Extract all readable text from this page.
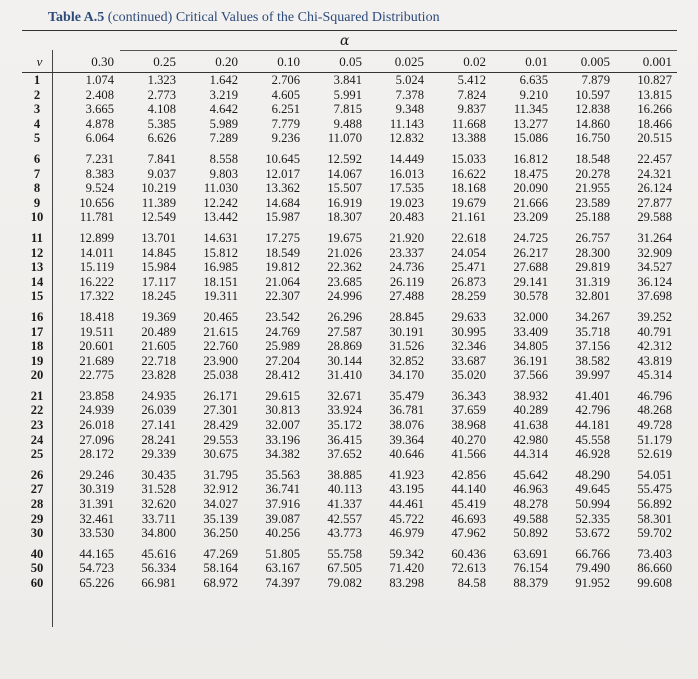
Table A.5 (continued) Critical Values of the Chi-Squared Distribution
α
v	0.30	0.25	0.20	0.10	0.05	0.025	0.02	0.01	0.005	0.001
1	1.074	1.323	1.642	2.706	3.841	5.024	5.412	6.635	7.879	10.827
2	2.408	2.773	3.219	4.605	5.991	7.378	7.824	9.210	10.597	13.815
3	3.665	4.108	4.642	6.251	7.815	9.348	9.837	11.345	12.838	16.266
4	4.878	5.385	5.989	7.779	9.488	11.143	11.668	13.277	14.860	18.466
5	6.064	6.626	7.289	9.236	11.070	12.832	13.388	15.086	16.750	20.515

6	7.231	7.841	8.558	10.645	12.592	14.449	15.033	16.812	18.548	22.457
7	8.383	9.037	9.803	12.017	14.067	16.013	16.622	18.475	20.278	24.321
8	9.524	10.219	11.030	13.362	15.507	17.535	18.168	20.090	21.955	26.124
9	10.656	11.389	12.242	14.684	16.919	19.023	19.679	21.666	23.589	27.877
10	11.781	12.549	13.442	15.987	18.307	20.483	21.161	23.209	25.188	29.588

11	12.899	13.701	14.631	17.275	19.675	21.920	22.618	24.725	26.757	31.264
12	14.011	14.845	15.812	18.549	21.026	23.337	24.054	26.217	28.300	32.909
13	15.119	15.984	16.985	19.812	22.362	24.736	25.471	27.688	29.819	34.527
14	16.222	17.117	18.151	21.064	23.685	26.119	26.873	29.141	31.319	36.124
15	17.322	18.245	19.311	22.307	24.996	27.488	28.259	30.578	32.801	37.698

16	18.418	19.369	20.465	23.542	26.296	28.845	29.633	32.000	34.267	39.252
17	19.511	20.489	21.615	24.769	27.587	30.191	30.995	33.409	35.718	40.791
18	20.601	21.605	22.760	25.989	28.869	31.526	32.346	34.805	37.156	42.312
19	21.689	22.718	23.900	27.204	30.144	32.852	33.687	36.191	38.582	43.819
20	22.775	23.828	25.038	28.412	31.410	34.170	35.020	37.566	39.997	45.314

21	23.858	24.935	26.171	29.615	32.671	35.479	36.343	38.932	41.401	46.796
22	24.939	26.039	27.301	30.813	33.924	36.781	37.659	40.289	42.796	48.268
23	26.018	27.141	28.429	32.007	35.172	38.076	38.968	41.638	44.181	49.728
24	27.096	28.241	29.553	33.196	36.415	39.364	40.270	42.980	45.558	51.179
25	28.172	29.339	30.675	34.382	37.652	40.646	41.566	44.314	46.928	52.619

26	29.246	30.435	31.795	35.563	38.885	41.923	42.856	45.642	48.290	54.051
27	30.319	31.528	32.912	36.741	40.113	43.195	44.140	46.963	49.645	55.475
28	31.391	32.620	34.027	37.916	41.337	44.461	45.419	48.278	50.994	56.892
29	32.461	33.711	35.139	39.087	42.557	45.722	46.693	49.588	52.335	58.301
30	33.530	34.800	36.250	40.256	43.773	46.979	47.962	50.892	53.672	59.702

40	44.165	45.616	47.269	51.805	55.758	59.342	60.436	63.691	66.766	73.403
50	54.723	56.334	58.164	63.167	67.505	71.420	72.613	76.154	79.490	86.660
60	65.226	66.981	68.972	74.397	79.082	83.298	84.58	88.379	91.952	99.608
